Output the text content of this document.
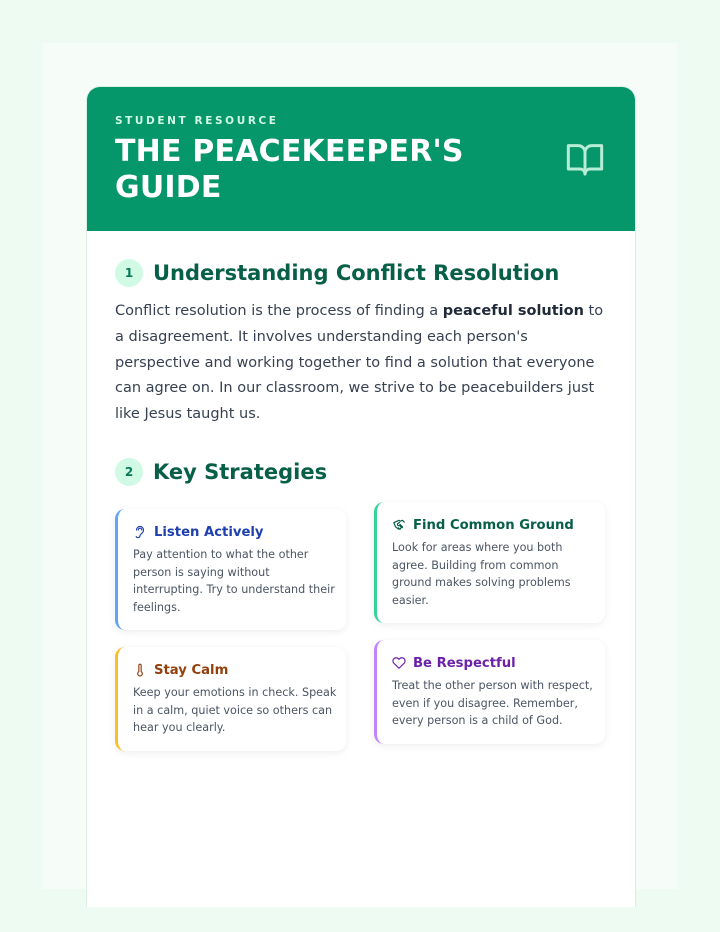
STUDENT RESOURCE
THE PEACEKEEPER'S GUIDE
1 Understanding Conflict Resolution

Conflict resolution is the process of finding a peaceful solution to a disagreement. It involves understanding each person's perspective and working together to find a solution that everyone can agree on. In our classroom, we strive to be peacebuilders just like Jesus taught us.

2 Key Strategies
Listen Actively
Pay attention to what the other person is saying without interrupting. Try to understand their feelings.
Find Common Ground
Look for areas where you both agree. Building from common ground makes solving problems easier.
Stay Calm
Keep your emotions in check. Speak in a calm, quiet voice so others can hear you clearly.
Be Respectful
Treat the other person with respect, even if you disagree. Remember, every person is a child of God.
